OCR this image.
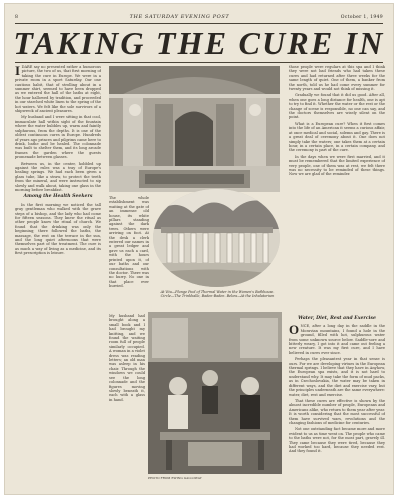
8	THE SATURDAY EVENING POST	October 1, 1949
TAKING THE CURE IN
I DARE say no presented rather a humorous picture, the two of us, that first morning of taking the cure in Europe. We were in a private room in a sport Saturday. Our one cautious habit, that of strolling about in a summer shirt, seemed to have been dropped as we entered the hall of the baths at eight, the hour hallowed by tradition, and proceeded in our starched white linen to the spring of the hot waters. We felt like the sole survivors of a shipwreck of ancient pleasures.

My husband and I were sitting in that cool, immaculate hall within sight of the fountain where the water bubbles up, warm and faintly sulphurous, from the depths. It is one of the oldest continuous cures in Europe. Hundreds of years ago princes and pilgrims came here to drink, bathe and be healed. The colonnade was built to shelter them, and its long arcade frames the garden where the guests promenade between glasses.

Between us, in the center, hobbled up against the rules was a tray of Europe's healing springs. We had each been given a glass tube, like a straw, to protect the teeth from the mineral, and were instructed to sip slowly and walk about, taking one glass in the morning before breakfast.

Among the Health Seekers

In the first morning we noticed the tall gray gentleman who walked with the grave steps of a bishop, and the lady who had come for fifteen seasons. They knew the ritual as other people know the ritual of church. We found that the drinking was only the beginning; there followed the baths, the massage, the rest on the terrace in the sun, and the long quiet afternoons that were themselves part of the treatment. The cure is as much a way of living as a medicine, and its first prescription is leisure.

those people were regulars at this spa and I think they were not bad friends who had taken these cures and had returned after three weeks for the same length of quiet. One of them, a banker from the north, told us he had come every summer for twenty years and would not think of missing it.

Gradually we found that it did us good. After all, when one goes a long distance for health, one is apt to try to find it. Whether the water or the rest or the change of scene is responsible, no one can say, and the doctors themselves are wisely silent on the point.

What is a European cure? When it first comes into the life of an American it seems a curious affair, at once medical and social, solemn and gay. There is a great deal of ceremony about it. One does not simply take the waters; one takes them at a certain hour, in a certain place, in a certain company, and the ceremony is part of the cure.

In the days when we were first married, and it must be remembered that the limited experience of very people, one of them was at rest, we felt there was no necessity to be reminded of these things. Now we are glad of the reminder.

The whole establishment was waiting at the gate of an immense old house, its white pillars standing against the dark trees. Others were arriving on foot. At the desk a clerk entered our names in a great ledger and gave us each a card, with the hours printed upon it, of our baths and our consultations with the doctor. There was no hurry. No one in that place ever hurried.

At Vóu—Plunge Pool of Thermal Water in the Women's Bathhouse. Circle—The Trinkhalle, Baden-Baden. Below—At the Inhalatorium
Water, Diet, Rest and Exercise
O NCE, after a long day in the saddle in the Moravian mountains, I found a hole in the ground, filled with hot, sulphurous water from some unknown source below. Saddle-sore and bitterly weary, I got into it and came out feeling a new creature. It was my first cure, and I have believed in cures ever since.

Perhaps the pleasantest year in that sense is ours. For we are developing virtues in the European thermal springs. I believe that they have in Anyhow, the European spa exists, and it is not hard to understand why. It may take the form of mud packs, as in Czechoslovakia, the water may be taken in different ways, and the diet and exercise vary, but the principles underneath are the same everywhere: water, diet, rest and exercise.

That these cures are effective is shown by the almost incredible number of people, Europeans and Americans alike, who return to them year after year. It is worth considering that the most successful of them have survived wars, revolutions and the changing fashions of medicine for centuries.

Not one outstanding fact became more and more evident to us as time went on. The people who came to the baths were not, for the most part, gravely ill. They came because they were tired, because they had worked too hard, because they needed rest. And they found it.

PHOTO FROM EWING GALLOWAY

My husband had brought along a small book and I had brought my knitting, and we found the waiting room full of people similarly occupied. A woman in a violet dress was reading letters; an old man was asleep in his chair. Through the windows we could see the long colonnade and the figures moving slowly beneath it, each with a glass in hand.
